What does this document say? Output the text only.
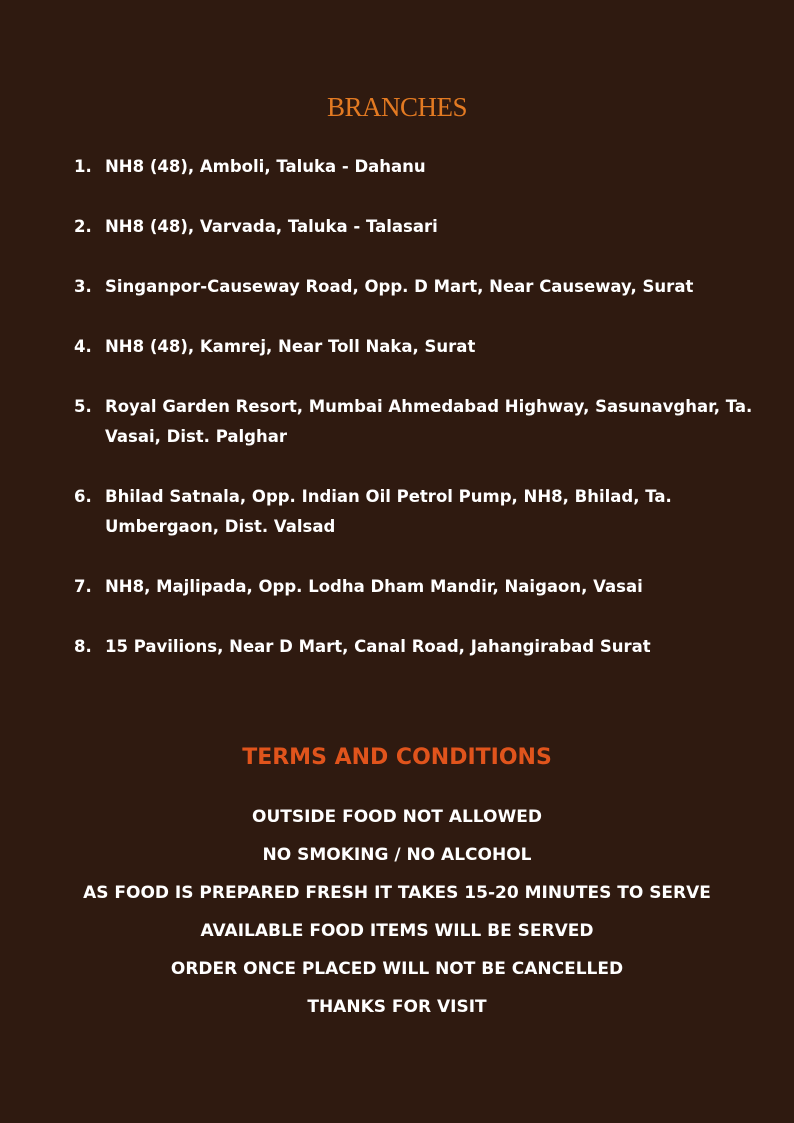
BRANCHES
1. NH8 (48), Amboli, Taluka - Dahanu
2. NH8 (48), Varvada, Taluka - Talasari
3. Singanpor-Causeway Road, Opp. D Mart, Near Causeway, Surat
4. NH8 (48), Kamrej, Near Toll Naka, Surat
5. Royal Garden Resort, Mumbai Ahmedabad Highway, Sasunavghar, Ta. Vasai, Dist. Palghar
6. Bhilad Satnala, Opp. Indian Oil Petrol Pump, NH8, Bhilad, Ta. Umbergaon, Dist. Valsad
7. NH8, Majlipada, Opp. Lodha Dham Mandir, Naigaon, Vasai
8. 15 Pavilions, Near D Mart, Canal Road, Jahangirabad Surat
TERMS AND CONDITIONS
OUTSIDE FOOD NOT ALLOWED
NO SMOKING / NO ALCOHOL
AS FOOD IS PREPARED FRESH IT TAKES 15-20 MINUTES TO SERVE
AVAILABLE FOOD ITEMS WILL BE SERVED
ORDER ONCE PLACED WILL NOT BE CANCELLED
THANKS FOR VISIT
